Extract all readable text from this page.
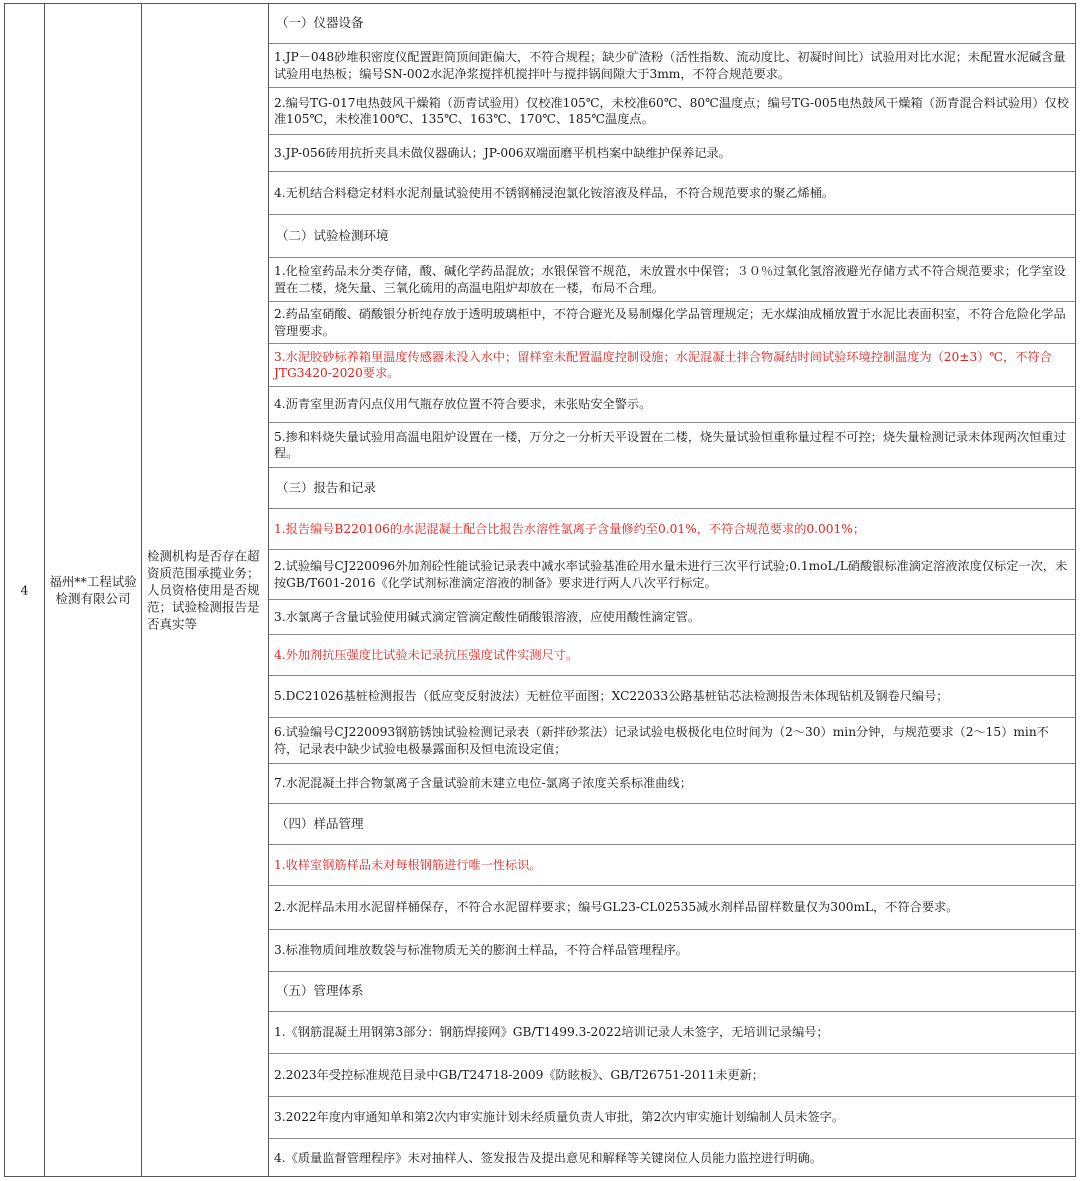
4
福州**工程试验检测有限公司
检测机构是否存在超资质范围承揽业务；人员资格使用是否规范；试验检测报告是否真实等
（一）仪器设备
1.JP－048砂堆积密度仪配置距筒顶间距偏大，不符合规程；缺少矿渣粉（活性指数、流动度比、初凝时间比）试验用对比水泥；未配置水泥碱含量试验用电热板；编号SN-002水泥净浆搅拌机搅拌叶与搅拌锅间隙大于3mm，不符合规范要求。
2.编号TG-017电热鼓风干燥箱（沥青试验用）仅校准105℃，未校准60℃、80℃温度点；编号TG-005电热鼓风干燥箱（沥青混合料试验用）仅校准105℃，未校准100℃、135℃、163℃、170℃、185℃温度点。
3.JP-056砖用抗折夹具未做仪器确认；JP-006双端面磨平机档案中缺维护保养记录。
4.无机结合料稳定材料水泥剂量试验使用不锈钢桶浸泡氯化铵溶液及样品，不符合规范要求的聚乙烯桶。
（二）试验检测环境
1.化检室药品未分类存储，酸、碱化学药品混放；水银保管不规范，未放置水中保管；３０％过氧化氢溶液避光存储方式不符合规范要求；化学室设置在二楼，烧矢量、三氧化硫用的高温电阻炉却放在一楼，布局不合理。
2.药品室硝酸、硝酸银分析纯存放于透明玻璃柜中，不符合避光及易制爆化学品管理规定；无水煤油成桶放置于水泥比表面积室，不符合危险化学品管理要求。
3.水泥胶砂标养箱里温度传感器未没入水中；留样室未配置温度控制设施；水泥混凝土拌合物凝结时间试验环境控制温度为（20±3）℃，不符合JTG3420-2020要求。
4.沥青室里沥青闪点仪用气瓶存放位置不符合要求，未张贴安全警示。
5.掺和料烧失量试验用高温电阻炉设置在一楼，万分之一分析天平设置在二楼，烧失量试验恒重称量过程不可控；烧失量检测记录未体现两次恒重过程。
（三）报告和记录
1.报告编号B220106的水泥混凝土配合比报告水溶性氯离子含量修约至0.01%，不符合规范要求的0.001%；
2.试验编号CJ220096外加剂砼性能试验记录表中减水率试验基准砼用水量未进行三次平行试验;0.1moL/L硝酸银标准滴定溶液浓度仅标定一次，未按GB/T601-2016《化学试剂标准滴定溶液的制备》要求进行两人八次平行标定。
3.水氯离子含量试验使用碱式滴定管滴定酸性硝酸银溶液，应使用酸性滴定管。
4.外加剂抗压强度比试验未记录抗压强度试件实测尺寸。
5.DC21026基桩检测报告（低应变反射波法）无桩位平面图；XC22033公路基桩钻芯法检测报告未体现钻机及钢卷尺编号；
6.试验编号CJ220093钢筋锈蚀试验检测记录表（新拌砂浆法）记录试验电极极化电位时间为（2～30）min分钟，与规范要求（2～15）min不符，记录表中缺少试验电极暴露面积及恒电流设定值；
7.水泥混凝土拌合物氯离子含量试验前未建立电位-氯离子浓度关系标准曲线；
（四）样品管理
1.收样室钢筋样品未对每根钢筋进行唯一性标识。
2.水泥样品未用水泥留样桶保存，不符合水泥留样要求；编号GL23-CL02535减水剂样品留样数量仅为300mL，不符合要求。
3.标准物质间堆放数袋与标准物质无关的膨润土样品，不符合样品管理程序。
（五）管理体系
1.《钢筋混凝土用钢第3部分：钢筋焊接网》GB/T1499.3-2022培训记录人未签字，无培训记录编号；
2.2023年受控标准规范目录中GB/T24718-2009《防眩板》、GB/T26751-2011未更新；
3.2022年度内审通知单和第2次内审实施计划未经质量负责人审批，第2次内审实施计划编制人员未签字。
4.《质量监督管理程序》未对抽样人、签发报告及提出意见和解释等关键岗位人员能力监控进行明确。
